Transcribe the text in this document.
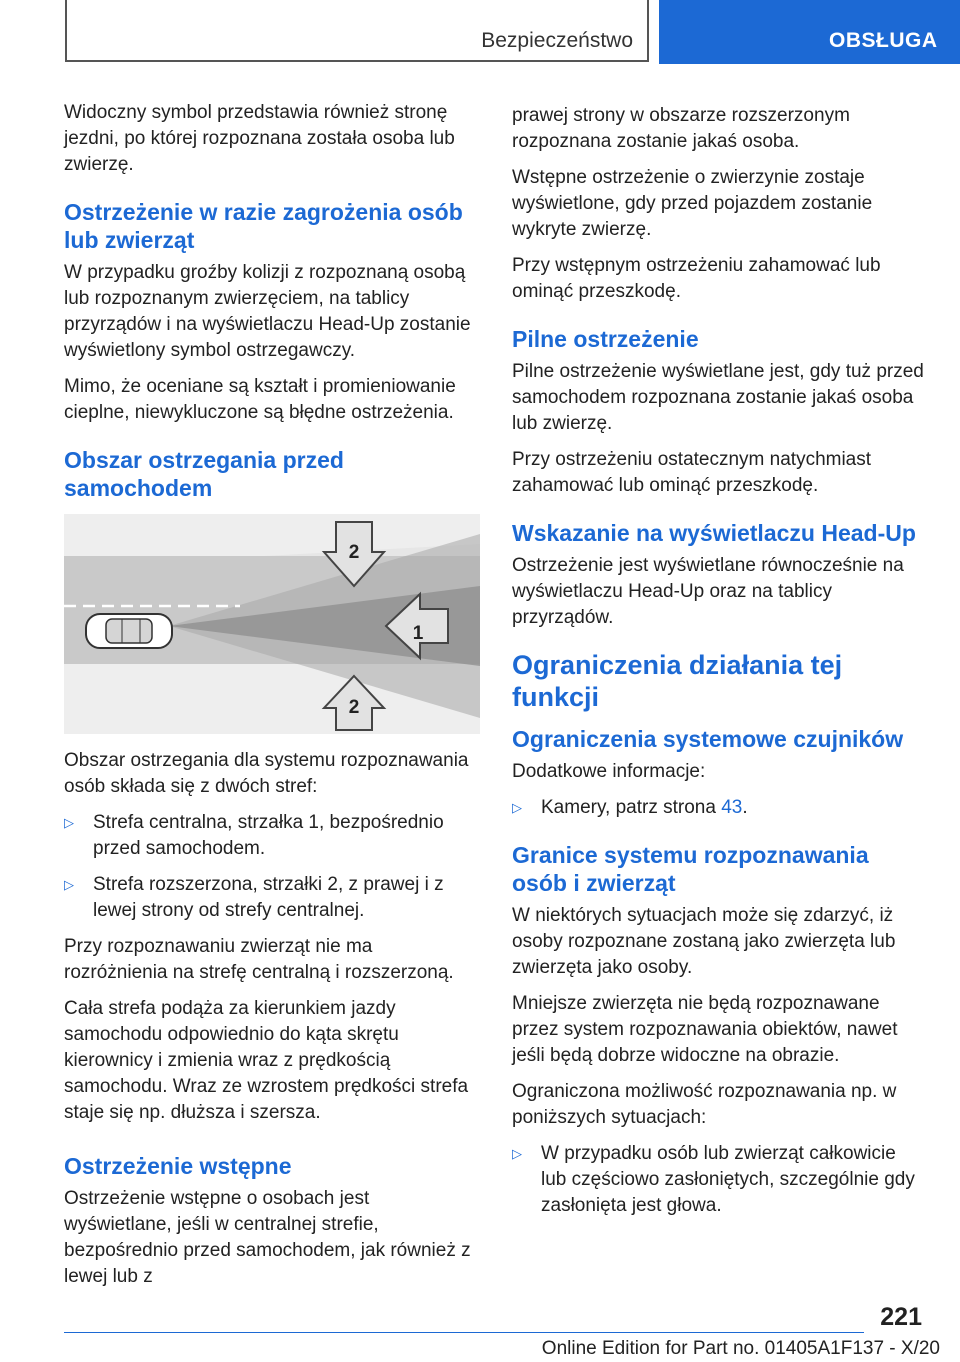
Bezpieczeństwo	OBSŁUGA

Widoczny symbol przedstawia również stronę jezdni, po której rozpoznana została osoba lub zwierzę.

Ostrzeżenie w razie zagrożenia osób lub zwierząt

W przypadku groźby kolizji z rozpoznaną osobą lub rozpoznanym zwierzęciem, na tablicy przyrządów i na wyświetlaczu Head-Up zostanie wyświetlony symbol ostrzegawczy.

Mimo, że oceniane są kształt i promieniowanie cieplne, niewykluczone są błędne ostrzeżenia.

Obszar ostrzegania przed samochodem
2
1
2

Obszar ostrzegania dla systemu rozpoznawania osób składa się z dwóch stref:

▷ Strefa centralna, strzałka 1, bezpośrednio przed samochodem.
▷ Strefa rozszerzona, strzałki 2, z prawej i z lewej strony od strefy centralnej.

Przy rozpoznawaniu zwierząt nie ma rozróżnienia na strefę centralną i rozszerzoną.

Cała strefa podąża za kierunkiem jazdy samochodu odpowiednio do kąta skrętu kierownicy i zmienia wraz z prędkością samochodu. Wraz ze wzrostem prędkości strefa staje się np. dłuższa i szersza.

Ostrzeżenie wstępne

Ostrzeżenie wstępne o osobach jest wyświetlane, jeśli w centralnej strefie, bezpośrednio przed samochodem, jak również z lewej lub z

prawej strony w obszarze rozszerzonym rozpoznana zostanie jakaś osoba.

Wstępne ostrzeżenie o zwierzynie zostaje wyświetlone, gdy przed pojazdem zostanie wykryte zwierzę.

Przy wstępnym ostrzeżeniu zahamować lub ominąć przeszkodę.

Pilne ostrzeżenie

Pilne ostrzeżenie wyświetlane jest, gdy tuż przed samochodem rozpoznana zostanie jakaś osoba lub zwierzę.

Przy ostrzeżeniu ostatecznym natychmiast zahamować lub ominąć przeszkodę.

Wskazanie na wyświetlaczu Head-Up

Ostrzeżenie jest wyświetlane równocześnie na wyświetlaczu Head-Up oraz na tablicy przyrządów.

Ograniczenia działania tej funkcji
Ograniczenia systemowe czujników

Dodatkowe informacje:

▷ Kamery, patrz strona 43.
Granice systemu rozpoznawania osób i zwierząt

W niektórych sytuacjach może się zdarzyć, iż osoby rozpoznane zostaną jako zwierzęta lub zwierzęta jako osoby.

Mniejsze zwierzęta nie będą rozpoznawane przez system rozpoznawania obiektów, nawet jeśli będą dobrze widoczne na obrazie.

Ograniczona możliwość rozpoznawania np. w poniższych sytuacjach:

▷ W przypadku osób lub zwierząt całkowicie lub częściowo zasłoniętych, szczególnie gdy zasłonięta jest głowa.
221
Online Edition for Part no. 01405A1F137 - X/20
